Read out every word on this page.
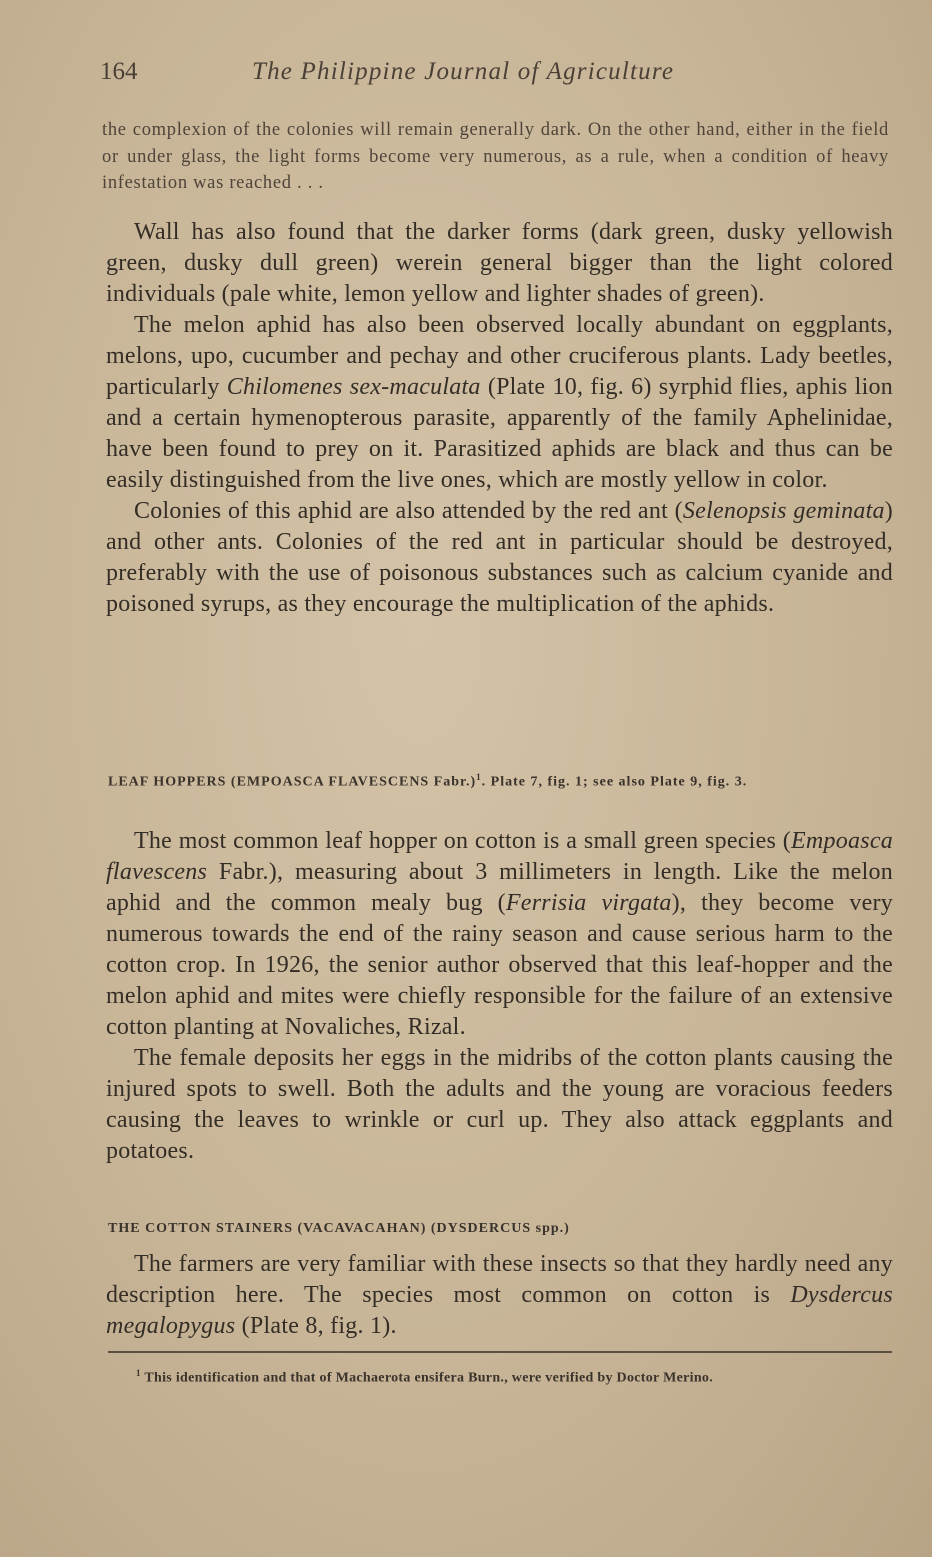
164	The Philippine Journal of Agriculture
the complexion of the colonies will remain generally dark. On the other hand, either in the field or under glass, the light forms become very numerous, as a rule, when a condition of heavy infestation was reached . . .

Wall has also found that the darker forms (dark green, dusky yellowish green, dusky dull green) werein general bigger than the light colored individuals (pale white, lemon yellow and lighter shades of green).

The melon aphid has also been observed locally abundant on eggplants, melons, upo, cucumber and pechay and other cruciferous plants. Lady beetles, particularly Chilomenes sex-maculata (Plate 10, fig. 6) syrphid flies, aphis lion and a certain hymenopterous parasite, apparently of the family Aphelinidae, have been found to prey on it. Parasitized aphids are black and thus can be easily distinguished from the live ones, which are mostly yellow in color.

Colonies of this aphid are also attended by the red ant (Selenopsis geminata) and other ants. Colonies of the red ant in particular should be destroyed, preferably with the use of poisonous substances such as calcium cyanide and poisoned syrups, as they encourage the multiplication of the aphids.

LEAF HOPPERS (EMPOASCA FLAVESCENS Fabr.)$^1$. Plate 7, fig. 1; see also Plate 9, fig. 3.

The most common leaf hopper on cotton is a small green species (Empoasca flavescens Fabr.), measuring about 3 millimeters in length. Like the melon aphid and the common mealy bug (Ferrisia virgata), they become very numerous towards the end of the rainy season and cause serious harm to the cotton crop. In 1926, the senior author observed that this leaf-hopper and the melon aphid and mites were chiefly responsible for the failure of an extensive cotton planting at Novaliches, Rizal.

The female deposits her eggs in the midribs of the cotton plants causing the injured spots to swell. Both the adults and the young are voracious feeders causing the leaves to wrinkle or curl up. They also attack eggplants and potatoes.

THE COTTON STAINERS (VACAVACAHAN) (DYSDERCUS spp.)

The farmers are very familiar with these insects so that they hardly need any description here. The species most common on cotton is Dysdercus megalopygus (Plate 8, fig. 1).

$^1$ This identification and that of Machaerota ensifera Burn., were verified by Doctor Merino.
